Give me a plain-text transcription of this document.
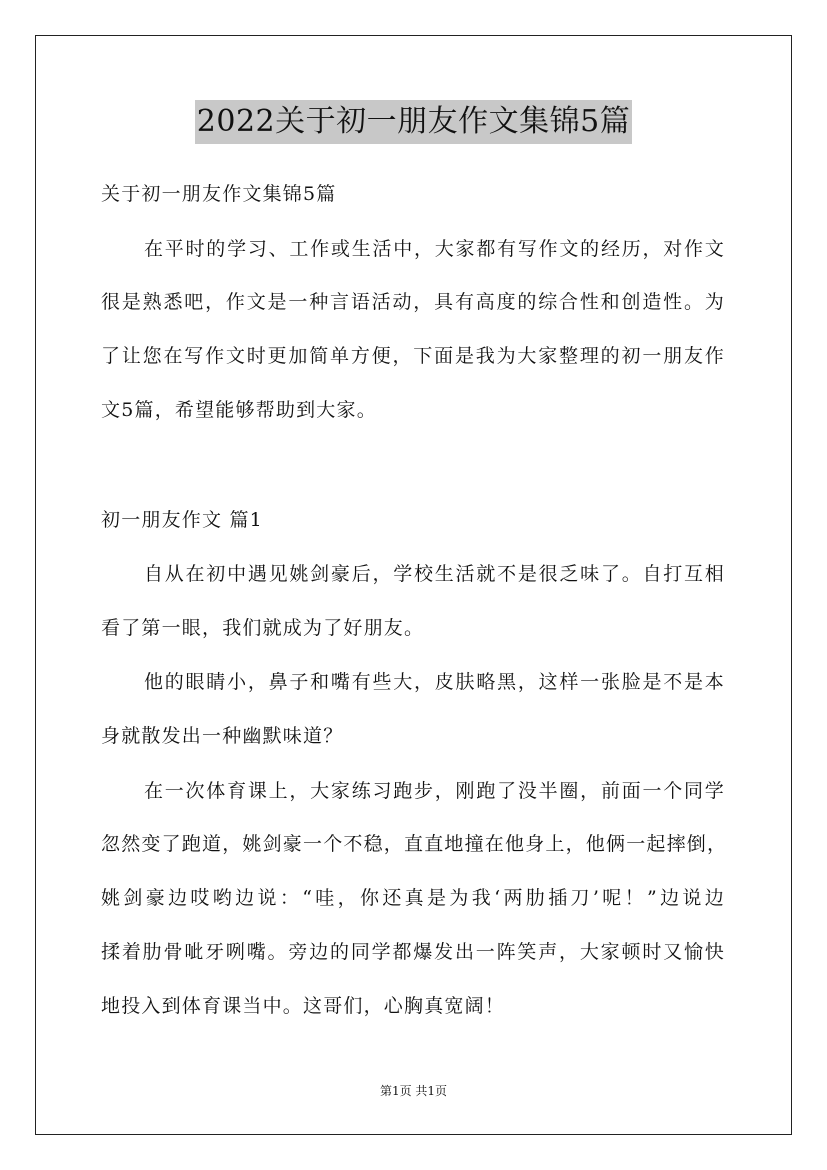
2022关于初一朋友作文集锦5篇
关于初一朋友作文集锦5篇
在平时的学习、工作或生活中，大家都有写作文的经历，对作文
很是熟悉吧，作文是一种言语活动，具有高度的综合性和创造性。为
了让您在写作文时更加简单方便，下面是我为大家整理的初一朋友作
文5篇，希望能够帮助到大家。
初一朋友作文 篇1
自从在初中遇见姚剑豪后，学校生活就不是很乏味了。自打互相
看了第一眼，我们就成为了好朋友。
他的眼睛小，鼻子和嘴有些大，皮肤略黑，这样一张脸是不是本
身就散发出一种幽默味道？
在一次体育课上，大家练习跑步，刚跑了没半圈，前面一个同学
忽然变了跑道，姚剑豪一个不稳，直直地撞在他身上，他俩一起摔倒，
姚剑豪边哎哟边说：“哇，你还真是为我‘两肋插刀’呢！”边说边
揉着肋骨呲牙咧嘴。旁边的同学都爆发出一阵笑声，大家顿时又愉快
地投入到体育课当中。这哥们，心胸真宽阔！
第1页 共1页
